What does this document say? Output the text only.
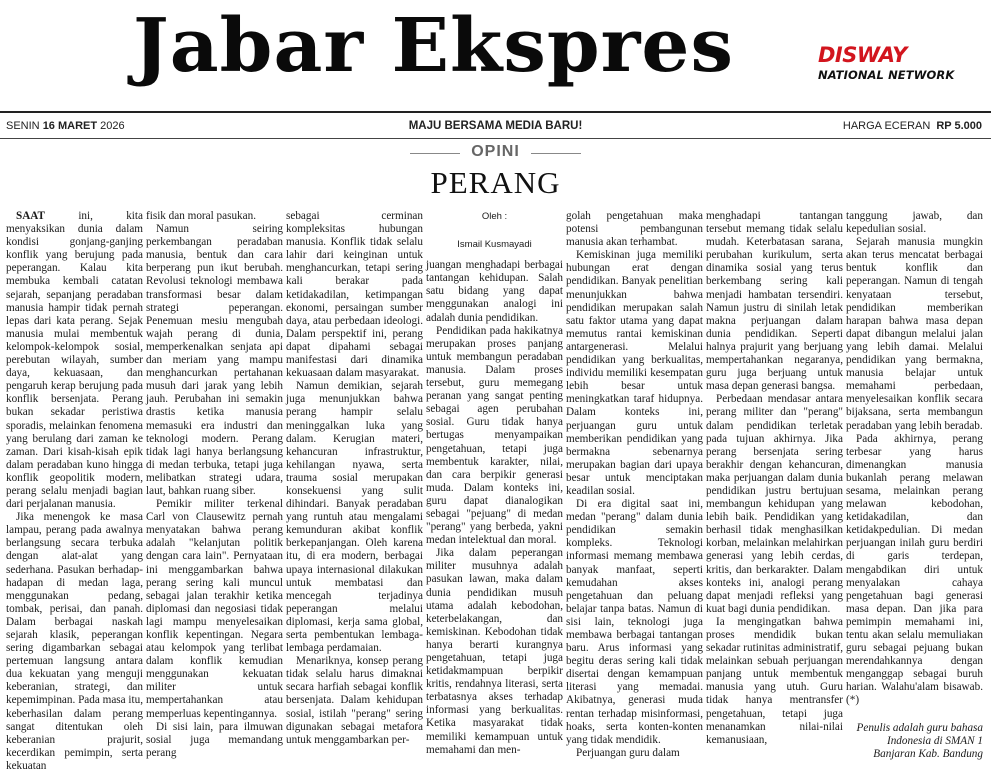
Jabar Ekspres	DISWAY
NATIONAL NETWORK
SENIN 16 MARET 2026	MAJU BERSAMA MEDIA BARU!	HARGA ECERAN RP 5.000
OPINI
PERANG

SAAT ini, kita menyaksikan dunia dalam kondisi gonjang-ganjing konflik yang berujung pada peperangan. Kalau kita membuka kembali catatan sejarah, sepanjang peradaban manusia hampir tidak pernah lepas dari kata perang. Sejak manusia mulai membentuk kelompok-kelompok sosial, perebutan wilayah, sumber daya, kekuasaan, dan pengaruh kerap berujung pada konflik bersenjata. Perang bukan sekadar peristiwa sporadis, melainkan fenomena yang berulang dari zaman ke zaman. Dari kisah-kisah epik dalam peradaban kuno hingga konflik geopolitik modern, perang selalu menjadi bagian dari perjalanan manusia.

Jika menengok ke masa lampau, perang pada awalnya berlangsung secara terbuka dengan alat-alat yang sederhana. Pasukan berhadap-hadapan di medan laga, menggunakan pedang, tombak, perisai, dan panah. Dalam berbagai naskah sejarah klasik, peperangan sering digambarkan sebagai pertemuan langsung antara dua kekuatan yang menguji keberanian, strategi, dan kepemimpinan. Pada masa itu, keberhasilan dalam perang sangat ditentukan oleh keberanian prajurit, kecerdikan pemimpin, serta kekuatan

fisik dan moral pasukan.

Namun seiring perkembangan peradaban manusia, bentuk dan cara berperang pun ikut berubah. Revolusi teknologi membawa transformasi besar dalam strategi peperangan. Penemuan mesiu mengubah wajah perang di dunia, memperkenalkan senjata api dan meriam yang mampu menghancurkan pertahanan musuh dari jarak yang lebih jauh. Perubahan ini semakin drastis ketika manusia memasuki era industri dan teknologi modern. Perang tidak lagi hanya berlangsung di medan terbuka, tetapi juga melibatkan strategi udara, laut, bahkan ruang siber.

Pemikir militer terkenal Carl von Clausewitz pernah menyatakan bahwa perang adalah "kelanjutan politik dengan cara lain". Pernyataan ini menggambarkan bahwa perang sering kali muncul sebagai jalan terakhir ketika diplomasi dan negosiasi tidak lagi mampu menyelesaikan konflik kepentingan. Negara atau kelompok yang terlibat dalam konflik kemudian menggunakan kekuatan militer untuk mempertahankan atau memperluas kepentingannya.

Di sisi lain, para ilmuwan sosial juga memandang perang

sebagai cerminan kompleksitas hubungan manusia. Konflik tidak selalu lahir dari keinginan untuk menghancurkan, tetapi sering kali berakar pada ketidakadilan, ketimpangan ekonomi, persaingan sumber daya, atau perbedaan ideologi. Dalam perspektif ini, perang dapat dipahami sebagai manifestasi dari dinamika kekuasaan dalam masyarakat.

Namun demikian, sejarah juga menunjukkan bahwa perang hampir selalu meninggalkan luka yang dalam. Kerugian materi, kehancuran infrastruktur, kehilangan nyawa, serta trauma sosial merupakan konsekuensi yang sulit dihindari. Banyak peradaban yang runtuh atau mengalami kemunduran akibat konflik berkepanjangan. Oleh karena itu, di era modern, berbagai upaya internasional dilakukan untuk membatasi dan mencegah terjadinya peperangan melalui diplomasi, kerja sama global, serta pembentukan lembaga-lembaga perdamaian.

Menariknya, konsep perang tidak selalu harus dimaknai secara harfiah sebagai konflik bersenjata. Dalam kehidupan sosial, istilah "perang" sering digunakan sebagai metafora untuk menggambarkan per-

Oleh :
Ismail Kusmayadi

juangan menghadapi berbagai tantangan kehidupan. Salah satu bidang yang dapat menggunakan analogi ini adalah dunia pendidikan.

Pendidikan pada hakikatnya merupakan proses panjang untuk membangun peradaban manusia. Dalam proses tersebut, guru memegang peranan yang sangat penting sebagai agen perubahan sosial. Guru tidak hanya bertugas menyampaikan pengetahuan, tetapi juga membentuk karakter, nilai, dan cara berpikir generasi muda. Dalam konteks ini, guru dapat dianalogikan sebagai "pejuang" di medan "perang" yang berbeda, yakni medan intelektual dan moral.

Jika dalam peperangan militer musuhnya adalah pasukan lawan, maka dalam dunia pendidikan musuh utama adalah kebodohan, keterbelakangan, dan kemiskinan. Kebodohan tidak hanya berarti kurangnya pengetahuan, tetapi juga ketidakmampuan berpikir kritis, rendahnya literasi, serta terbatasnya akses terhadap informasi yang berkualitas. Ketika masyarakat tidak memiliki kemampuan untuk memahami dan men-

golah pengetahuan maka potensi pembangunan manusia akan terhambat.

Kemiskinan juga memiliki hubungan erat dengan pendidikan. Banyak penelitian menunjukkan bahwa pendidikan merupakan salah satu faktor utama yang dapat memutus rantai kemiskinan antargenerasi. Melalui pendidikan yang berkualitas, individu memiliki kesempatan lebih besar untuk meningkatkan taraf hidupnya. Dalam konteks ini, perjuangan guru untuk memberikan pendidikan yang bermakna sebenarnya merupakan bagian dari upaya besar untuk menciptakan keadilan sosial.

Di era digital saat ini, medan "perang" dalam dunia pendidikan semakin kompleks. Teknologi informasi memang membawa banyak manfaat, seperti kemudahan akses pengetahuan dan peluang belajar tanpa batas. Namun di sisi lain, teknologi juga membawa berbagai tantangan baru. Arus informasi yang begitu deras sering kali tidak disertai dengan kemampuan literasi yang memadai. Akibatnya, generasi muda rentan terhadap misinformasi, hoaks, serta konten-konten yang tidak mendidik.

Perjuangan guru dalam

menghadapi tantangan tersebut memang tidak selalu mudah. Keterbatasan sarana, perubahan kurikulum, serta dinamika sosial yang terus berkembang sering kali menjadi hambatan tersendiri. Namun justru di sinilah letak makna perjuangan dalam dunia pendidikan. Seperti halnya prajurit yang berjuang mempertahankan negaranya, guru juga berjuang untuk masa depan generasi bangsa.

Perbedaan mendasar antara perang militer dan "perang" dalam pendidikan terletak pada tujuan akhirnya. Jika perang bersenjata sering berakhir dengan kehancuran, maka perjuangan dalam dunia pendidikan justru bertujuan membangun kehidupan yang lebih baik. Pendidikan yang berhasil tidak menghasilkan korban, melainkan melahirkan generasi yang lebih cerdas, kritis, dan berkarakter. Dalam konteks ini, analogi perang dapat menjadi refleksi yang kuat bagi dunia pendidikan.

Ia mengingatkan bahwa proses mendidik bukan sekadar rutinitas administratif, melainkan sebuah perjuangan panjang untuk membentuk manusia yang utuh. Guru tidak hanya mentransfer pengetahuan, tetapi juga menanamkan nilai-nilai kemanusiaan,

tanggung jawab, dan kepedulian sosial.

Sejarah manusia mungkin akan terus mencatat berbagai bentuk konflik dan peperangan. Namun di tengah kenyataan tersebut, pendidikan memberikan harapan bahwa masa depan dapat dibangun melalui jalan yang lebih damai. Melalui pendidikan yang bermakna, manusia belajar untuk memahami perbedaan, menyelesaikan konflik secara bijaksana, serta membangun peradaban yang lebih beradab.

Pada akhirnya, perang terbesar yang harus dimenangkan manusia bukanlah perang melawan sesama, melainkan perang melawan kebodohan, ketidakadilan, dan ketidakpedulian. Di medan perjuangan inilah guru berdiri di garis terdepan, mengabdikan diri untuk menyalakan cahaya pengetahuan bagi generasi masa depan. Dan jika para pemimpin memahami ini, tentu akan selalu memuliakan guru sebagai pejuang bukan merendahkannya dengan menganggap sebagai buruh harian. Walahu'alam bisawab. (*)

Penulis adalah guru bahasa Indonesia di SMAN 1 Banjaran Kab. Bandung
